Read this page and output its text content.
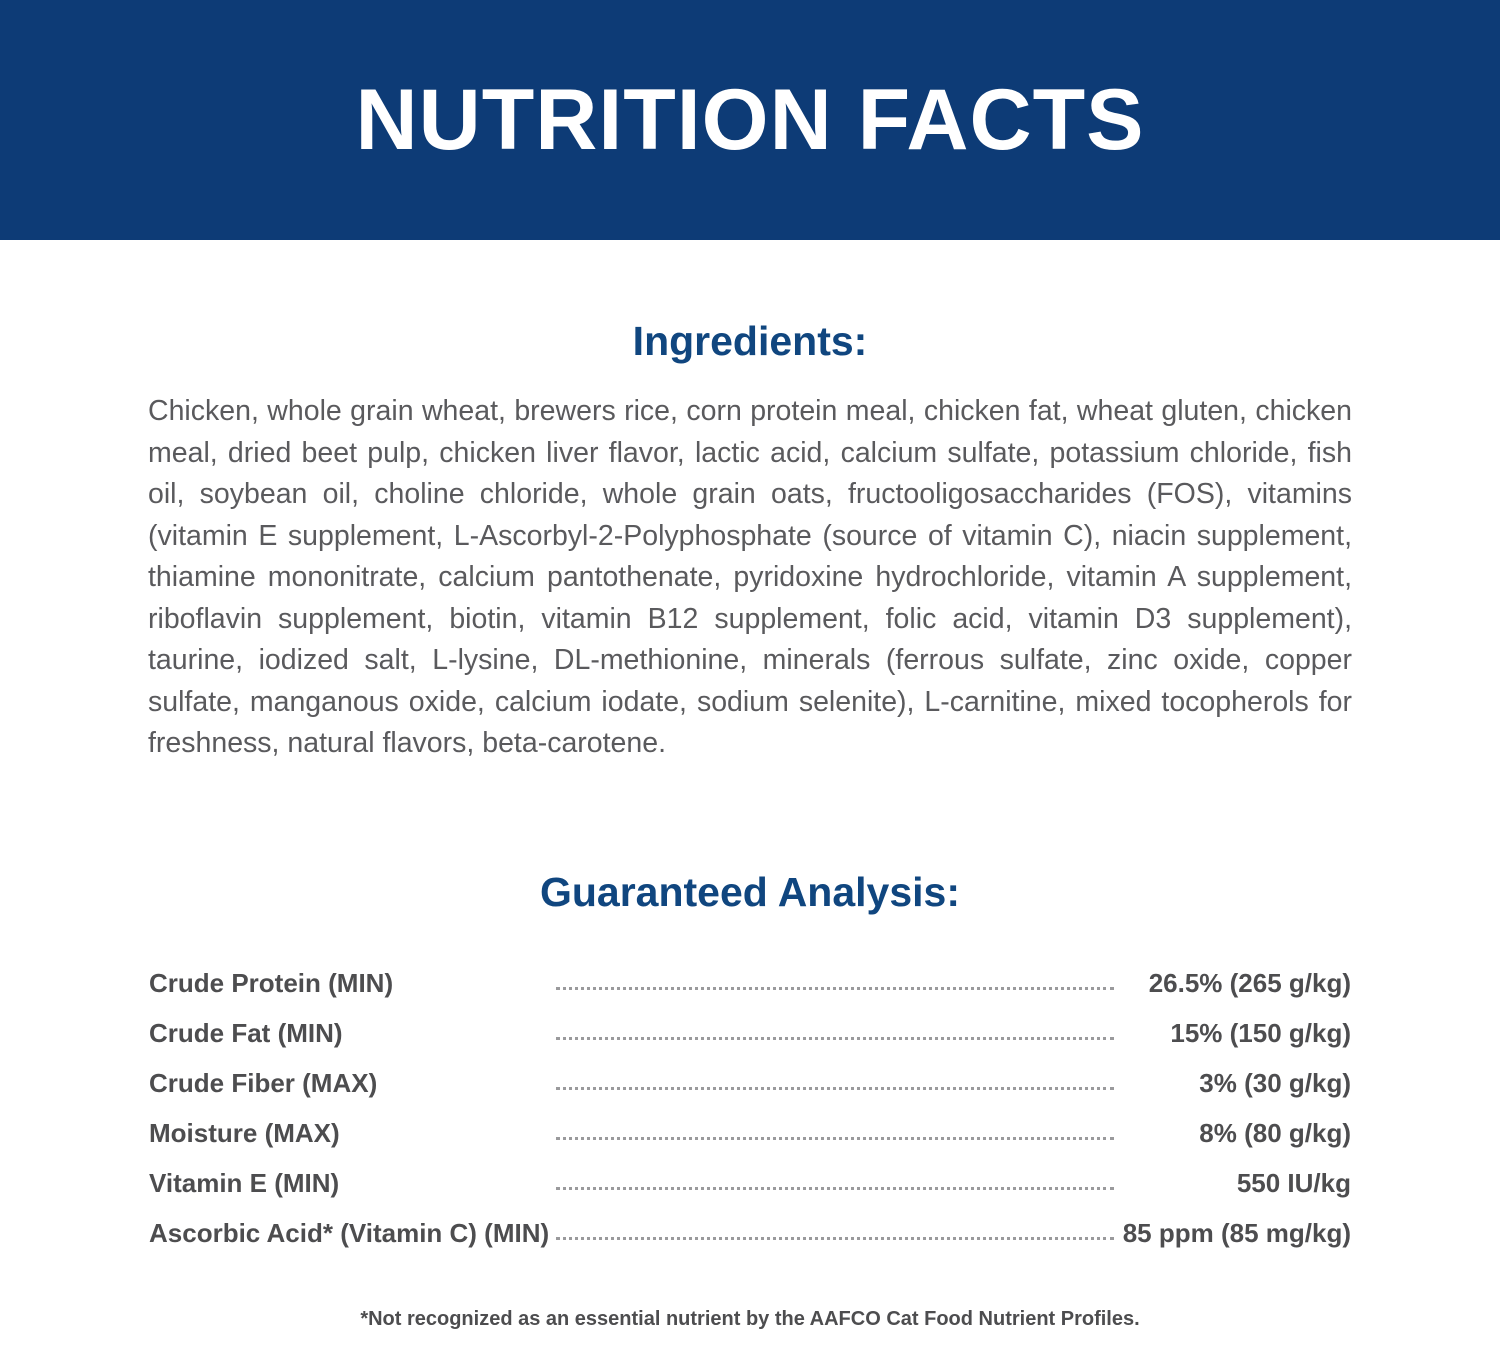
NUTRITION FACTS
Ingredients:
Chicken, whole grain wheat, brewers rice, corn protein meal, chicken fat, wheat gluten, chicken meal, dried beet pulp, chicken liver flavor, lactic acid, calcium sulfate, potassium chloride, fish oil, soybean oil, choline chloride, whole grain oats, fructooligosaccharides (FOS), vitamins (vitamin E supplement, L-Ascorbyl-2-Polyphosphate (source of vitamin C), niacin supplement, thiamine mononitrate, calcium pantothenate, pyridoxine hydrochloride, vitamin A supplement, riboflavin supplement, biotin, vitamin B12 supplement, folic acid, vitamin D3 supplement), taurine, iodized salt, L-lysine, DL-methionine, minerals (ferrous sulfate, zinc oxide, copper sulfate, manganous oxide, calcium iodate, sodium selenite), L-carnitine, mixed tocopherols for freshness, natural flavors, beta-carotene.
Guaranteed Analysis:
Crude Protein (MIN)		26.5% (265 g/kg)
Crude Fat (MIN)		15% (150 g/kg)
Crude Fiber (MAX)		3% (30 g/kg)
Moisture (MAX)		8% (80 g/kg)
Vitamin E (MIN)		550 IU/kg
Ascorbic Acid* (Vitamin C) (MIN)		85 ppm (85 mg/kg)
*Not recognized as an essential nutrient by the AAFCO Cat Food Nutrient Profiles.
